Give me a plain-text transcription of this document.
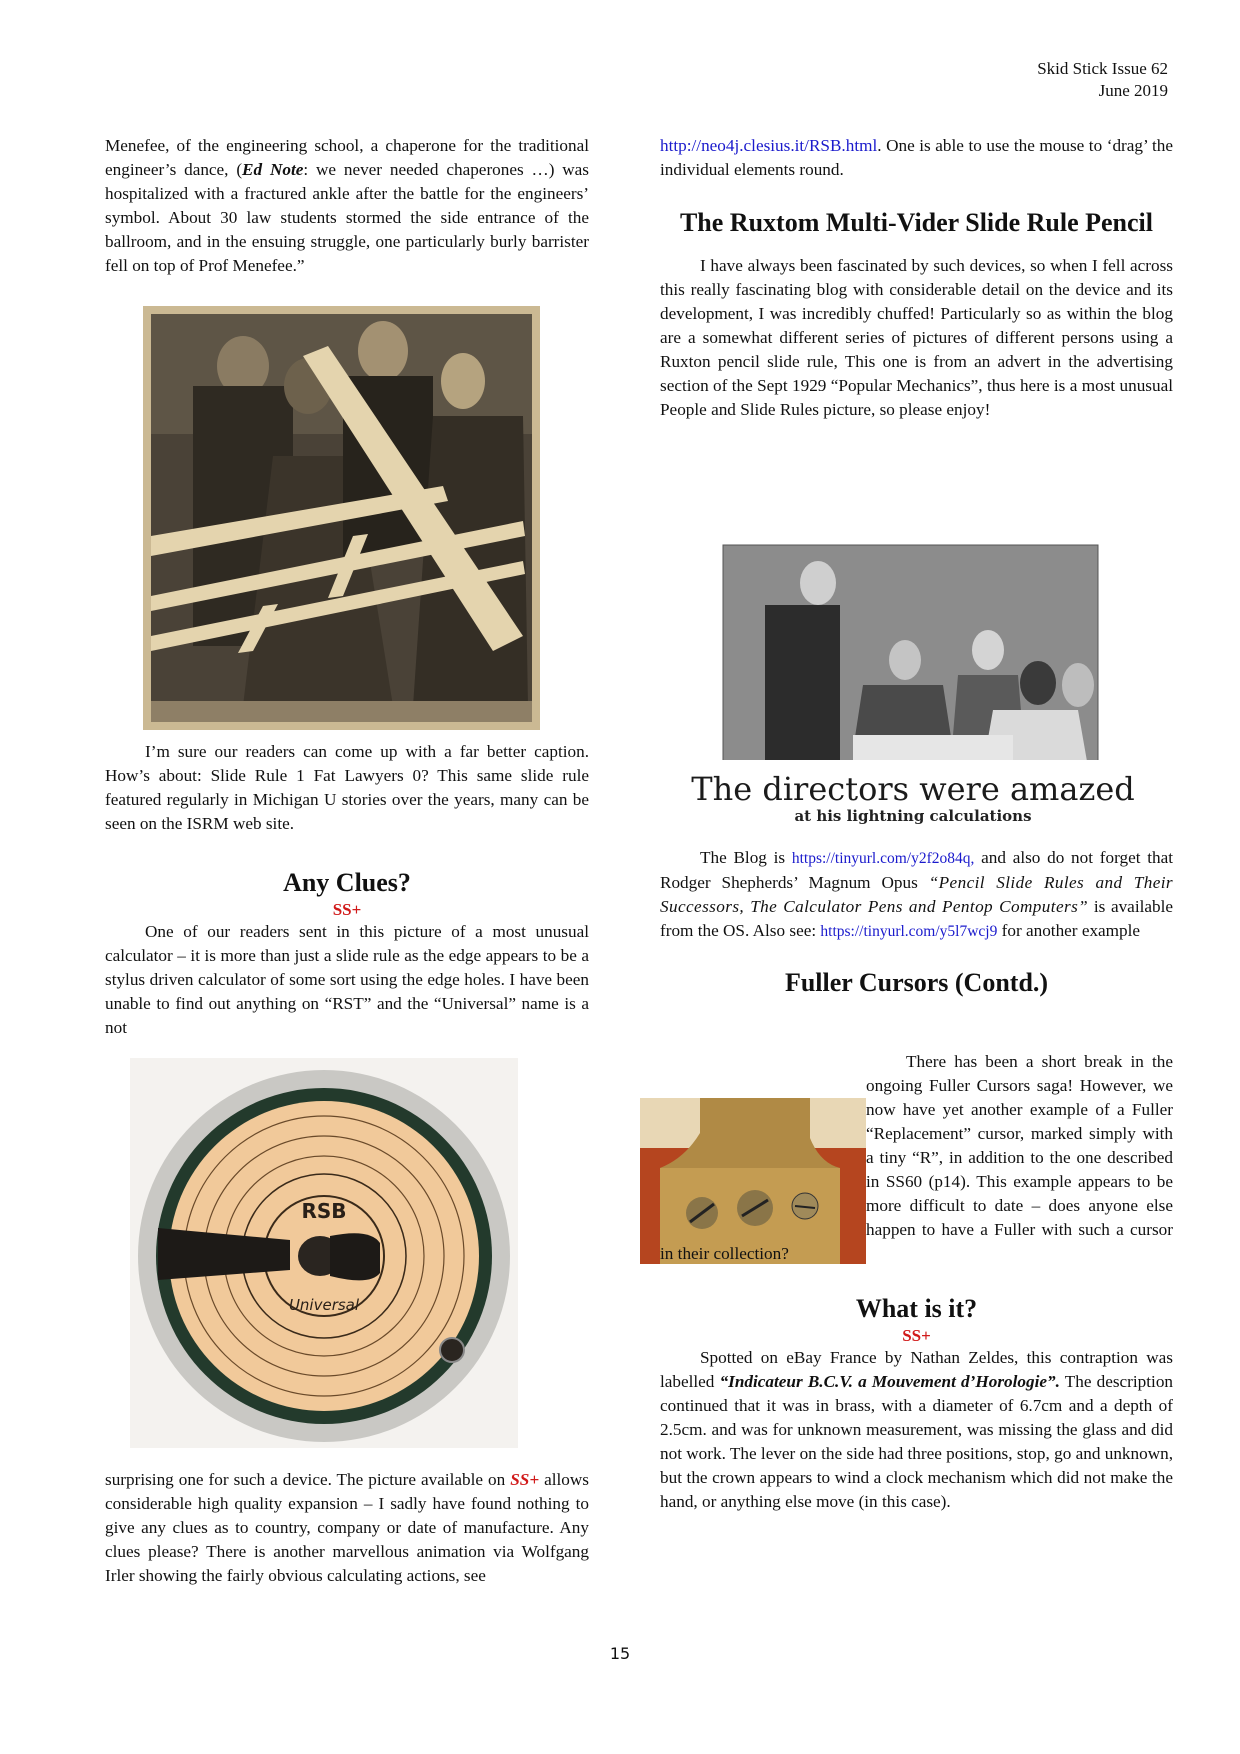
Skid Stick Issue 62
June 2019

Menefee, of the engineering school, a chaperone for the traditional engineer’s dance, (Ed Note: we never needed chaperones …) was hospitalized with a fractured ankle after the battle for the engineers’ symbol. About 30 law students stormed the side entrance of the ballroom, and in the ensuing struggle, one particularly burly barrister fell on top of Prof Menefee.”

I’m sure our readers can come up with a far better caption. How’s about: Slide Rule 1 Fat Lawyers 0? This same slide rule featured regularly in Michigan U stories over the years, many can be seen on the ISRM web site.

Any Clues?
SS+

One of our readers sent in this picture of a most unusual calculator – it is more than just a slide rule as the edge appears to be a stylus driven calculator of some sort using the edge holes. I have been unable to find out anything on “RST” and the “Universal” name is a not

RSB
Universal

surprising one for such a device. The picture available on SS+ allows considerable high quality expansion – I sadly have found nothing to give any clues as to country, company or date of manufacture. Any clues please? There is another marvellous animation via Wolfgang Irler showing the fairly obvious calculating actions, see

http://neo4j.clesius.it/RSB.html. One is able to use the mouse to ‘drag’ the individual elements round.

The Ruxtom Multi-Vider Slide Rule Pencil

I have always been fascinated by such devices, so when I fell across this really fascinating blog with considerable detail on the device and its development, I was incredibly chuffed! Particularly so as within the blog are a somewhat different series of pictures of different persons using a Ruxton pencil slide rule, This one is from an advert in the advertising section of the Sept 1929 “Popular Mechanics”, thus here is a most unusual People and Slide Rules picture, so please enjoy!

The directors were amazed
at his lightning calculations

The Blog is https://tinyurl.com/y2f2o84q, and also do not forget that Rodger Shepherds’ Magnum Opus “Pencil Slide Rules and Their Successors, The Calculator Pens and Pentop Computers” is available from the OS. Also see: https://tinyurl.com/y5l7wcj9 for another example

Fuller Cursors (Contd.)

There has been a short break in the ongoing Fuller Cursors saga! However, we now have yet another example of a Fuller “Replacement” cursor, marked simply with a tiny “R”, in addition to the one described in SS60 (p14). This example appears to be more difficult to date – does anyone else happen to have a Fuller with such a cursor in their collection?

What is it?
SS+

Spotted on eBay France by Nathan Zeldes, this contraption was labelled “Indicateur B.C.V. a Mouvement d’Horologie”. The description continued that it was in brass, with a diameter of 6.7cm and a depth of 2.5cm. and was for unknown measurement, was missing the glass and did not work. The lever on the side had three positions, stop, go and unknown, but the crown appears to wind a clock mechanism which did not make the hand, or anything else move (in this case).

15
